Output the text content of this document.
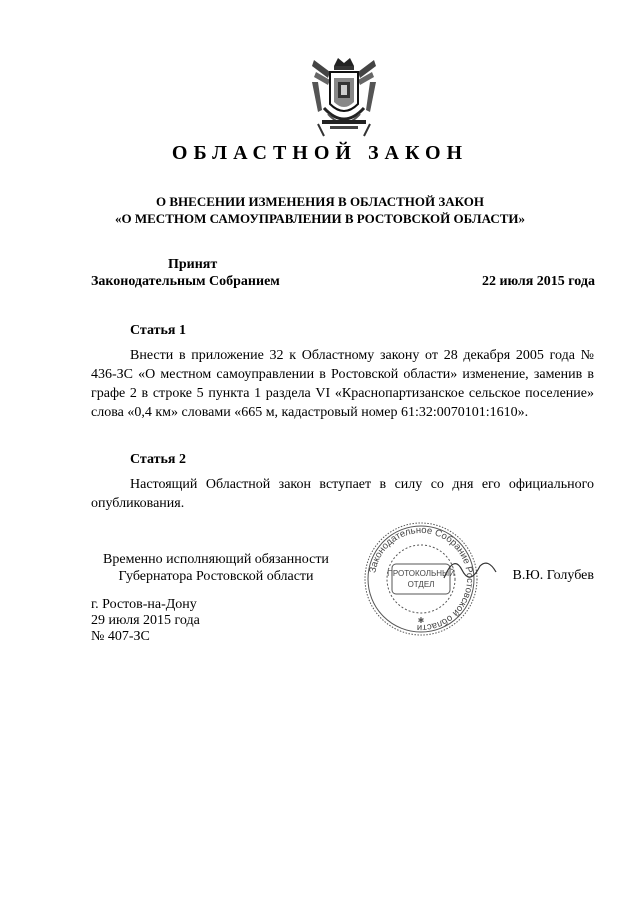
ОБЛАСТНОЙ ЗАКОН
О ВНЕСЕНИИ ИЗМЕНЕНИЯ В ОБЛАСТНОЙ ЗАКОН
«О МЕСТНОМ САМОУПРАВЛЕНИИ В РОСТОВСКОЙ ОБЛАСТИ»
Принят
Законодательным Собранием	22 июля 2015 года
Статья 1
Внести в приложение 32 к Областному закону от 28 декабря 2005 года № 436-ЗС «О местном самоуправлении в Ростовской области» изменение, заменив в графе 2 в строке 5 пункта 1 раздела VI «Краснопартизанское сельское поселение» слова «0,4 км» словами «665 м, кадастровый номер 61:32:0070101:1610».
Статья 2
Настоящий Областной закон вступает в силу со дня его официального опубликования.
Временно исполняющий обязанности
Губернатора Ростовской области	Законодательное Собрание Ростовской области
ПРОТОКОЛЬНЫЙ
ОТДЕЛ
✱
В.Ю. Голубев
г. Ростов-на-Дону
29 июля 2015 года
№ 407-ЗС
